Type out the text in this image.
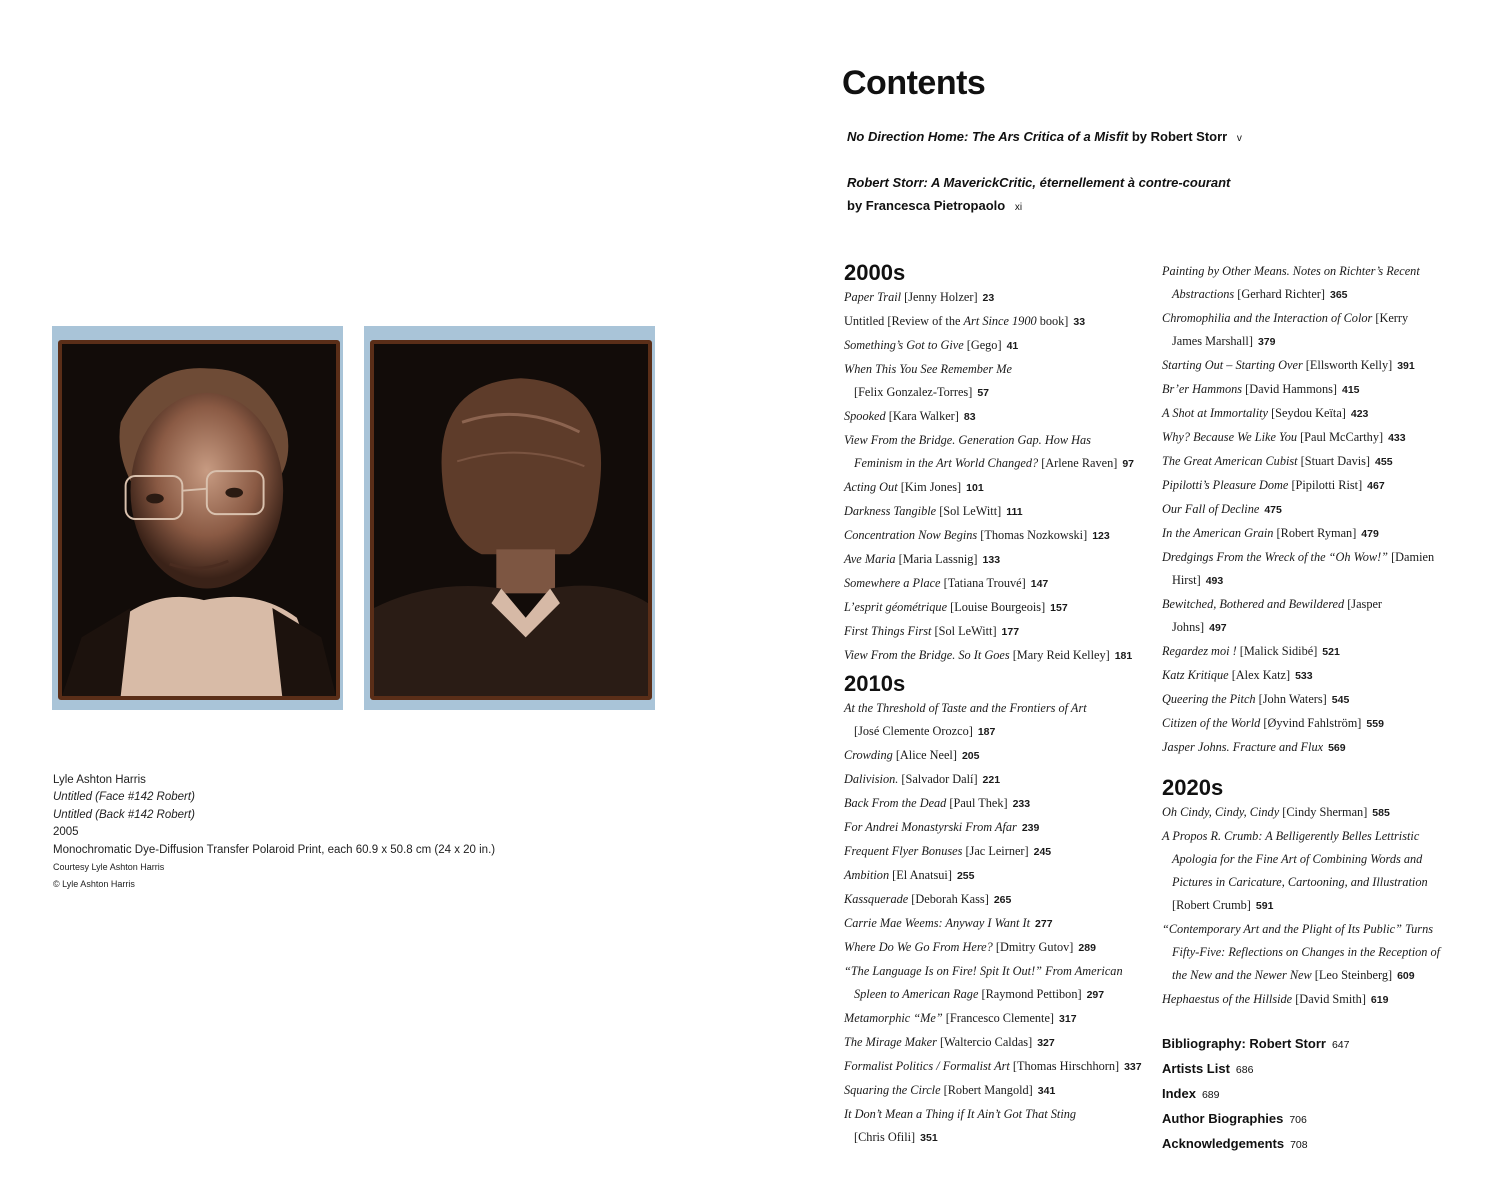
Lyle Ashton Harris
Untitled (Face #142 Robert)
Untitled (Back #142 Robert)
2005
Monochromatic Dye-Diffusion Transfer Polaroid Print, each 60.9 x 50.8 cm (24 x 20 in.)
Courtesy Lyle Ashton Harris
© Lyle Ashton Harris
Contents
No Direction Home: The Ars Critica of a Misfit by Robert Storr v
Robert Storr: A MaverickCritic, éternellement à contre-courant
by Francesca Pietropaolo xi
2000s
Paper Trail [Jenny Holzer] 23
Untitled [Review of the Art Since 1900 book] 33
Something’s Got to Give [Gego] 41
When This You See Remember Me
[Felix Gonzalez-Torres] 57
Spooked [Kara Walker] 83
View From the Bridge. Generation Gap. How Has
Feminism in the Art World Changed? [Arlene Raven] 97
Acting Out [Kim Jones] 101
Darkness Tangible [Sol LeWitt] 111
Concentration Now Begins [Thomas Nozkowski] 123
Ave Maria [Maria Lassnig] 133
Somewhere a Place [Tatiana Trouvé] 147
L’esprit géométrique [Louise Bourgeois] 157
First Things First [Sol LeWitt] 177
View From the Bridge. So It Goes [Mary Reid Kelley] 181
2010s
At the Threshold of Taste and the Frontiers of Art
[José Clemente Orozco] 187
Crowding [Alice Neel] 205
Dalivision. [Salvador Dalí] 221
Back From the Dead [Paul Thek] 233
For Andrei Monastyrski From Afar 239
Frequent Flyer Bonuses [Jac Leirner] 245
Ambition [El Anatsui] 255
Kassquerade [Deborah Kass] 265
Carrie Mae Weems: Anyway I Want It 277
Where Do We Go From Here? [Dmitry Gutov] 289
“The Language Is on Fire! Spit It Out!” From American
Spleen to American Rage [Raymond Pettibon] 297
Metamorphic “Me” [Francesco Clemente] 317
The Mirage Maker [Waltercio Caldas] 327
Formalist Politics / Formalist Art [Thomas Hirschhorn] 337
Squaring the Circle [Robert Mangold] 341
It Don’t Mean a Thing if It Ain’t Got That Sting
[Chris Ofili] 351
Painting by Other Means. Notes on Richter’s Recent
Abstractions [Gerhard Richter] 365
Chromophilia and the Interaction of Color [Kerry
James Marshall] 379
Starting Out – Starting Over [Ellsworth Kelly] 391
Br’er Hammons [David Hammons] 415
A Shot at Immortality [Seydou Keïta] 423
Why? Because We Like You [Paul McCarthy] 433
The Great American Cubist [Stuart Davis] 455
Pipilotti’s Pleasure Dome [Pipilotti Rist] 467
Our Fall of Decline 475
In the American Grain [Robert Ryman] 479
Dredgings From the Wreck of the “Oh Wow!” [Damien
Hirst] 493
Bewitched, Bothered and Bewildered [Jasper
Johns] 497
Regardez moi ! [Malick Sidibé] 521
Katz Kritique [Alex Katz] 533
Queering the Pitch [John Waters] 545
Citizen of the World [Øyvind Fahlström] 559
Jasper Johns. Fracture and Flux 569
2020s
Oh Cindy, Cindy, Cindy [Cindy Sherman] 585
A Propos R. Crumb: A Belligerently Belles Lettristic
Apologia for the Fine Art of Combining Words and
Pictures in Caricature, Cartooning, and Illustration
[Robert Crumb] 591
“Contemporary Art and the Plight of Its Public” Turns
Fifty-Five: Reflections on Changes in the Reception of
the New and the Newer New [Leo Steinberg] 609
Hephaestus of the Hillside [David Smith] 619
Bibliography: Robert Storr 647
Artists List 686
Index 689
Author Biographies 706
Acknowledgements 708
